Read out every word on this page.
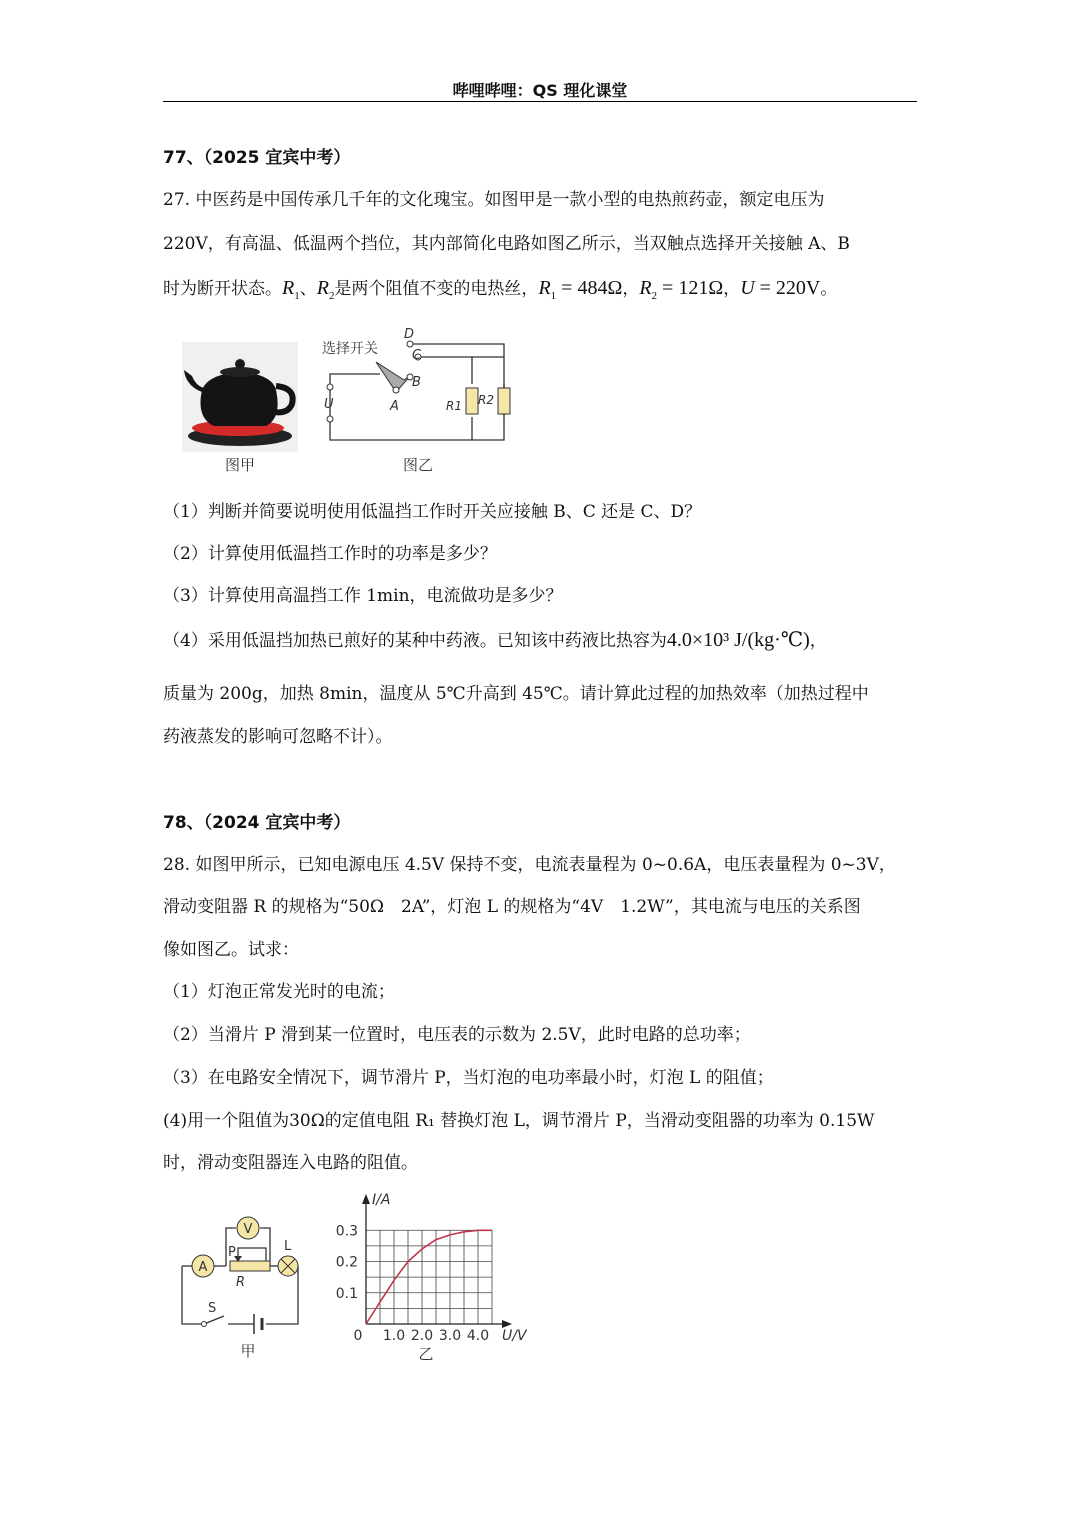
哔哩哔哩：QS 理化课堂
77、（2025 宜宾中考）
27. 中医药是中国传承几千年的文化瑰宝。如图甲是一款小型的电热煎药壶，额定电压为
220V，有高温、低温两个挡位，其内部简化电路如图乙所示，当双触点选择开关接触 A、B
时为断开状态。$R_1$、$R_2$是两个阻值不变的电热丝，$R_1 = 484\Omega$，$R_2 = 121\Omega$，U = 220V。
图甲
选择开关
D
C
B
A
U	R1 R2
图乙
（1）判断并简要说明使用低温挡工作时开关应接触 B、C 还是 C、D？
（2）计算使用低温挡工作时的功率是多少？
（3）计算使用高温挡工作 1min，电流做功是多少？
（4）采用低温挡加热已煎好的某种中药液。已知该中药液比热容为4.0×10³ J/(kg·℃)，
质量为 200g，加热 8min，温度从 5℃升高到 45℃。请计算此过程的加热效率（加热过程中
药液蒸发的影响可忽略不计）。
78、（2024 宜宾中考）
28. 如图甲所示，已知电源电压 4.5V 保持不变，电流表量程为 0~0.6A，电压表量程为 0~3V，
滑动变阻器 R 的规格为“50Ω　2A”，灯泡 L 的规格为“4V　1.2W”，其电流与电压的关系图
像如图乙。试求：
（1）灯泡正常发光时的电流；
（2）当滑片 P 滑到某一位置时，电压表的示数为 2.5V，此时电路的总功率；
（3）在电路安全情况下，调节滑片 P，当灯泡的电功率最小时，灯泡 L 的阻值；
(4)用一个阻值为30Ω的定值电阻 R₁ 替换灯泡 L，调节滑片 P，当滑动变阻器的功率为 0.15W
时，滑动变阻器连入电路的阻值。
A
V
P
R
L
S
甲
0 1.0 2.0 3.0 4.0
0.1
0.2
0.3
I/A
U/V
乙
